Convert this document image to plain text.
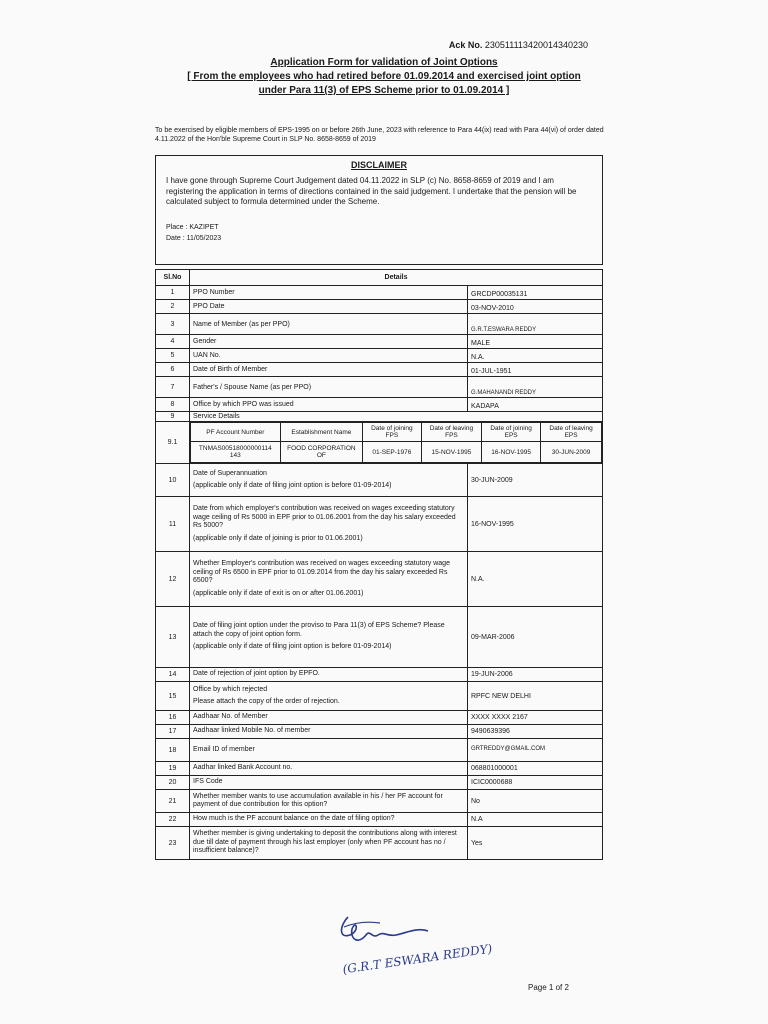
Ack No. 230511113420014340230
Application Form for validation of Joint Options
[ From the employees who had retired before 01.09.2014 and exercised joint option
under Para 11(3) of EPS Scheme prior to 01.09.2014 ]
To be exercised by eligible members of EPS-1995 on or before 26th June, 2023 with reference to Para 44(ix) read with Para 44(vi) of order dated 4.11.2022 of the Hon'ble Supreme Court in SLP No. 8658-8659 of 2019
DISCLAIMER
I have gone through Supreme Court Judgement dated 04.11.2022 in SLP (c) No. 8658-8659 of 2019 and I am registering the application in terms of directions contained in the said judgement. I undertake that the pension will be calculated subject to formula determined under the Scheme.
Place : KAZIPET
Date : 11/05/2023
Sl.No	Details
1	PPO Number	GRCDP00035131
2	PPO Date	03-NOV-2010
3	Name of Member (as per PPO)	
G.R.T.ESWARA REDDY

4	Gender	MALE
5	UAN No.	N.A.
6	Date of Birth of Member	01-JUL-1951
7	Father's / Spouse Name (as per PPO)	
G.MAHANANDI REDDY

8	Office by which PPO was issued	KADAPA
9	Service Details
9.1	
PF Account Number	Establishment Name	Date of joining FPS	Date of leaving FPS	Date of joining EPS	Date of leaving EPS
TNMAS00518000000114 143	FOOD CORPORATION OF	01-SEP-1976	15-NOV-1995	16-NOV-1995	30-JUN-2009

10	
Date of Superannuation
(applicable only if date of filing joint option is before 01-09-2014)
	30-JUN-2009
11	
Date from which employer's contribution was received on wages exceeding statutory wage ceiling of Rs 5000 in EPF prior to 01.06.2001 from the day his salary exceeded Rs 5000?
(applicable only if date of joining is prior to 01.06.2001)
	16-NOV-1995
12	
Whether Employer's contribution was received on wages exceeding statutory wage ceiling of Rs 6500 in EPF prior to 01.09.2014 from the day his salary exceeded Rs 6500?
(applicable only if date of exit is on or after 01.06.2001)
	N.A.
13	
Date of filing joint option under the proviso to Para 11(3) of EPS Scheme? Please attach the copy of joint option form.
(applicable only if date of filing joint option is before 01-09-2014)
	09-MAR-2006
14	Date of rejection of joint option by EPFO.	19-JUN-2006
15	
Office by which rejected
Please attach the copy of the order of rejection.
	RPFC NEW DELHI
16	Aadhaar No. of Member	XXXX XXXX 2167
17	Aadhaar linked Mobile No. of member	9490639396
18	Email ID of member	GRTREDDY@GMAIL.COM

19	Aadhar linked Bank Account no.	068801000001
20	IFS Code	ICIC0000688
21	
Whether member wants to use accumulation available in his / her PF account for payment of due contribution for this option?	No
22	How much is the PF account balance on the date of filing option?	N.A
23	
Whether member is giving undertaking to deposit the contributions along with interest due till date of payment through his last employer (only when PF account has no / insufficient balance)?
	Yes
(G.R.T ESWARA REDDY)
Page 1 of 2
